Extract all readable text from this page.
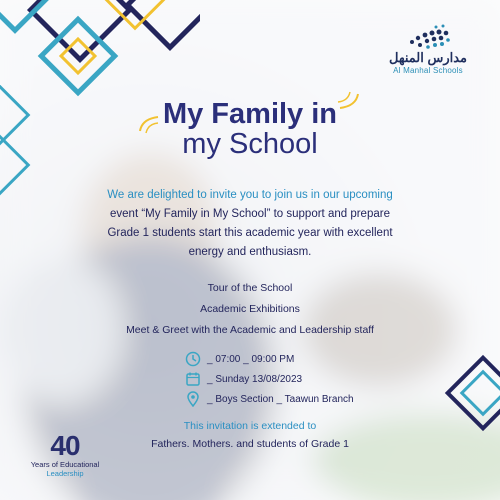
مدارس المنهل
Al Manhal Schools
My Family in
my School
We are delighted to invite you to join us in our upcoming
event “My Family in My School” to support and prepare
Grade 1 students start this academic year with excellent
energy and enthusiasm.
Tour of the School
Academic Exhibitions
Meet & Greet with the Academic and Leadership staff
_ 07:00 _ 09:00 PM
_ Sunday 13/08/2023
_ Boys Section _ Taawun Branch
This invitation is extended to
Fathers. Mothers. and students of Grade 1
40
Years of Educational
Leadership
